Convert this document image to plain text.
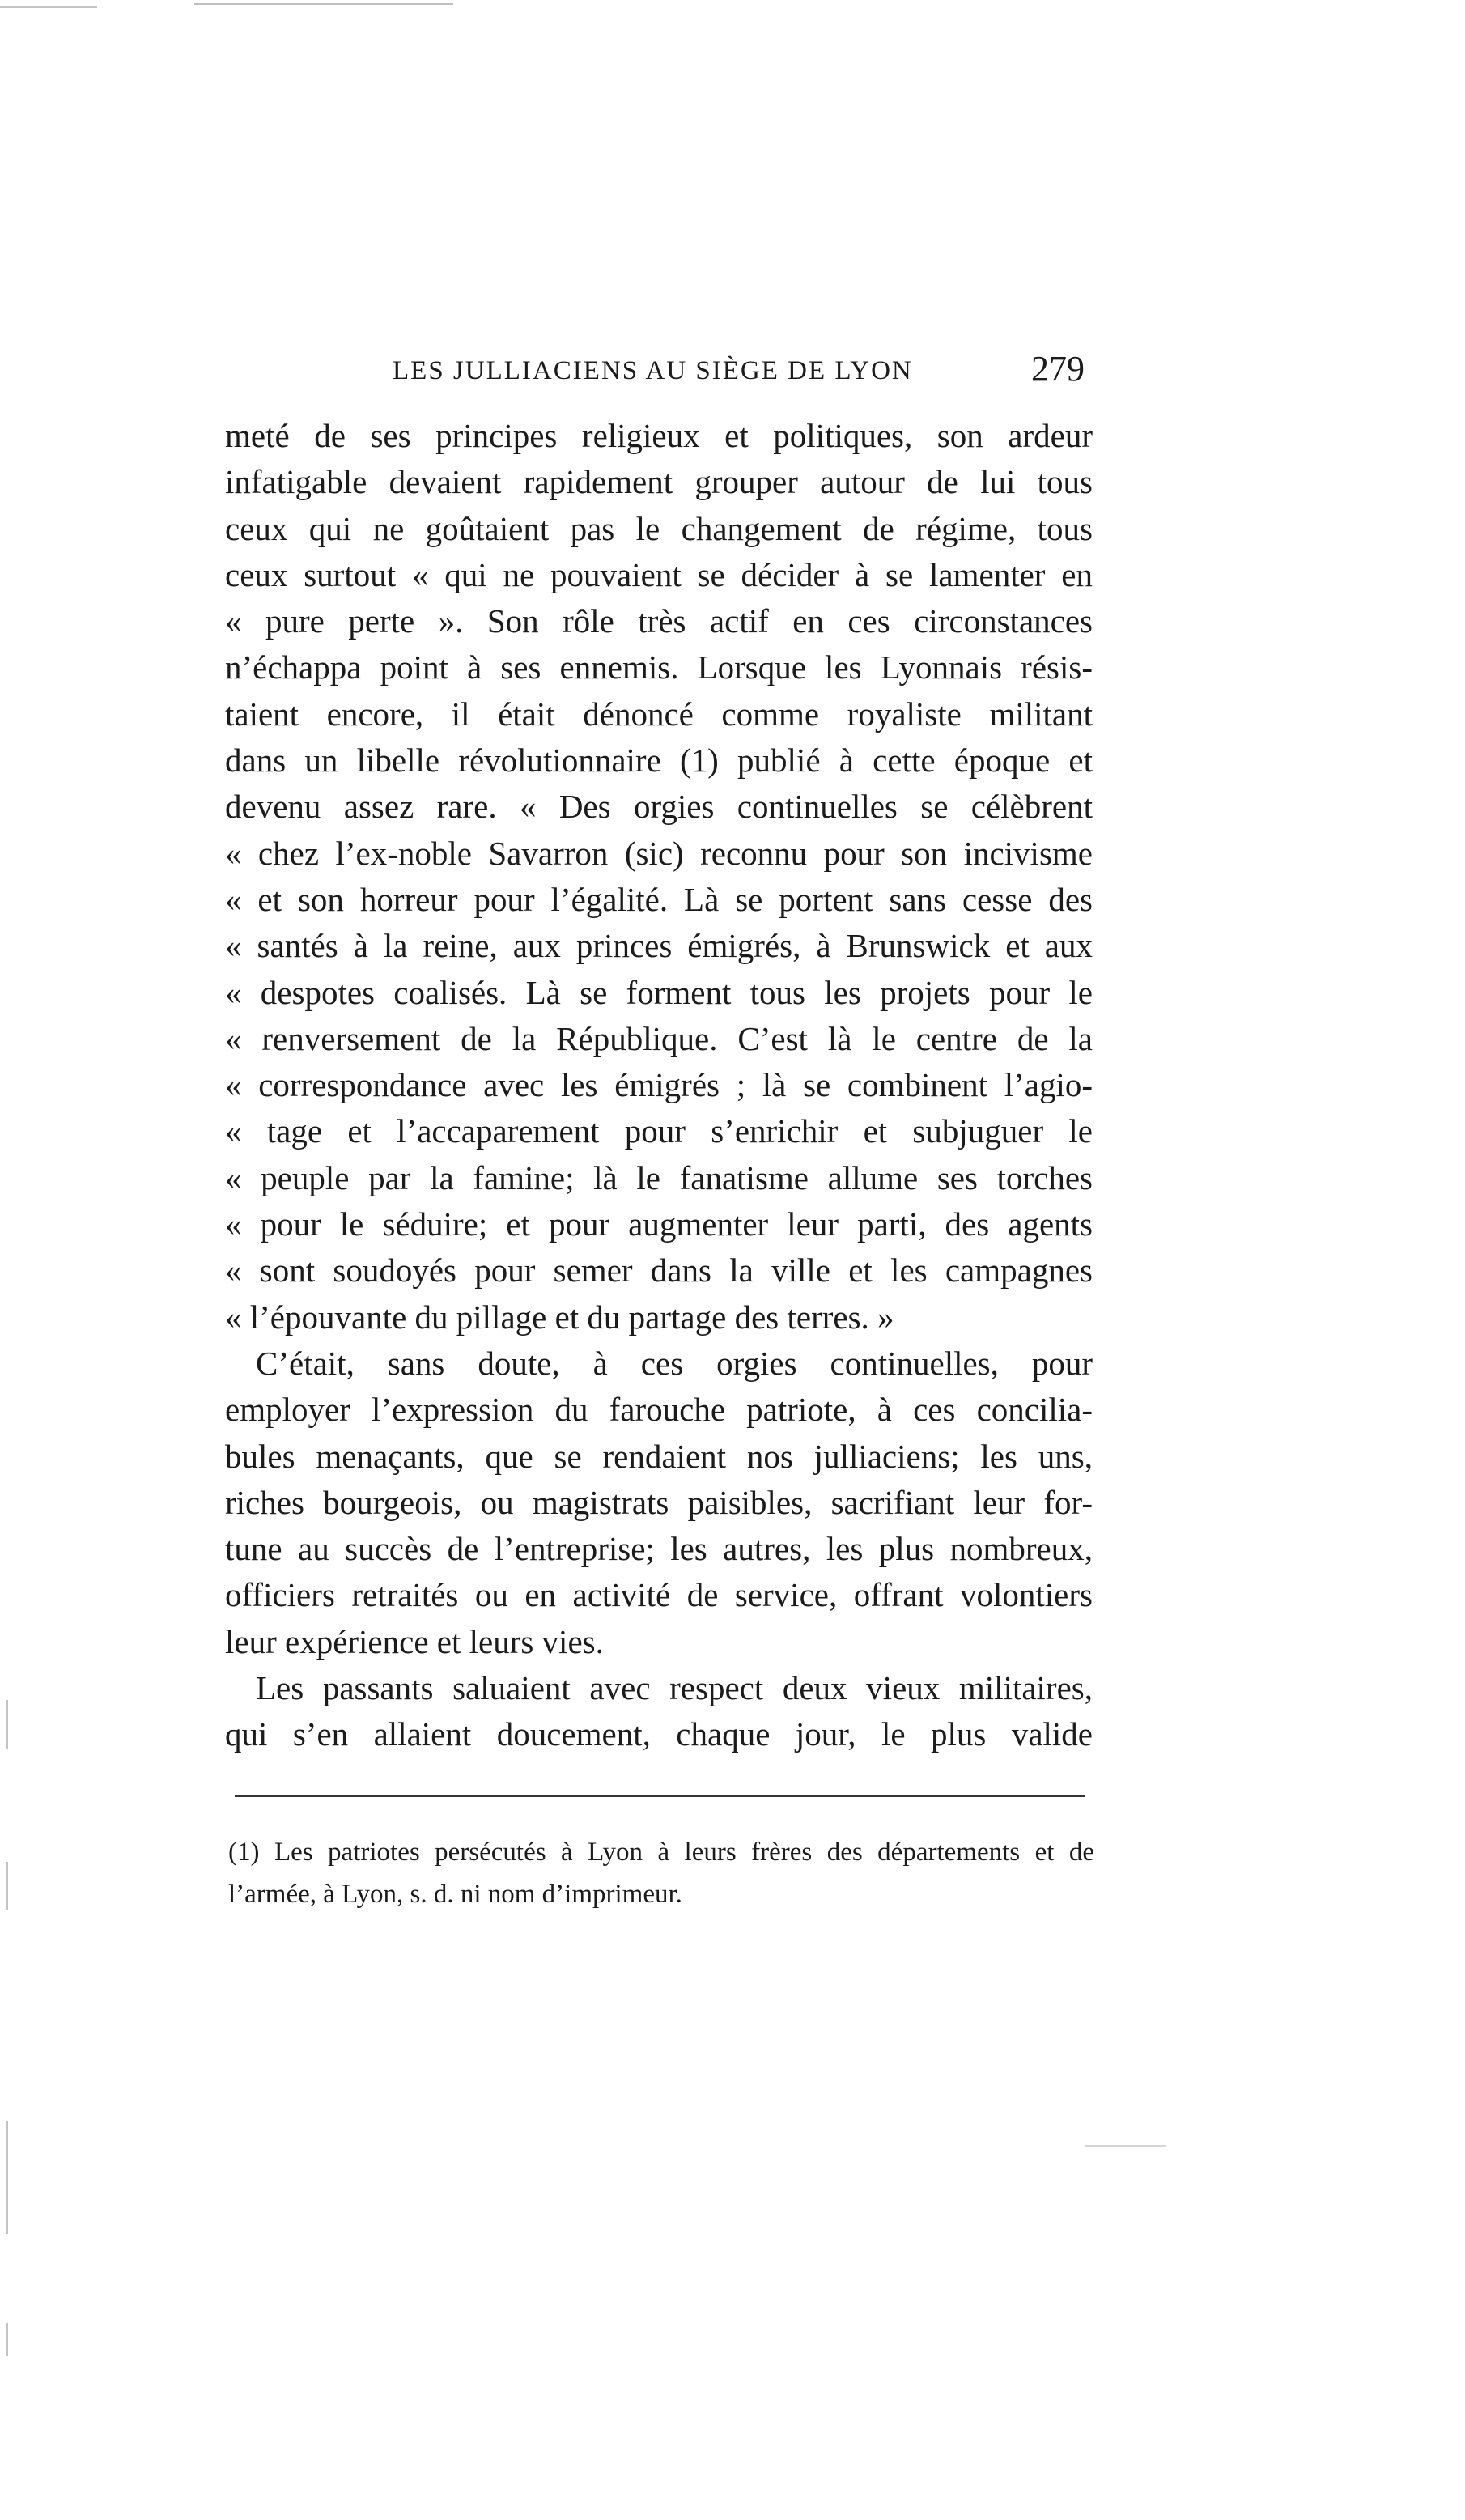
LES JULLIACIENS AU SIÈGE DE LYON	279
meté de ses principes religieux et politiques, son ardeur
infatigable devaient rapidement grouper autour de lui tous
ceux qui ne goûtaient pas le changement de régime, tous
ceux surtout « qui ne pouvaient se décider à se lamenter en
« pure perte ». Son rôle très actif en ces circonstances
n’échappa point à ses ennemis. Lorsque les Lyonnais résis-
taient encore, il était dénoncé comme royaliste militant
dans un libelle révolutionnaire (1) publié à cette époque et
devenu assez rare. « Des orgies continuelles se célèbrent
« chez l’ex-noble Savarron (sic) reconnu pour son incivisme
« et son horreur pour l’égalité. Là se portent sans cesse des
« santés à la reine, aux princes émigrés, à Brunswick et aux
« despotes coalisés. Là se forment tous les projets pour le
« renversement de la République. C’est là le centre de la
« correspondance avec les émigrés ; là se combinent l’agio-
« tage et l’accaparement pour s’enrichir et subjuguer le
« peuple par la famine; là le fanatisme allume ses torches
« pour le séduire; et pour augmenter leur parti, des agents
« sont soudoyés pour semer dans la ville et les campagnes
« l’épouvante du pillage et du partage des terres. »
C’était, sans doute, à ces orgies continuelles, pour
employer l’expression du farouche patriote, à ces concilia-
bules menaçants, que se rendaient nos julliaciens; les uns,
riches bourgeois, ou magistrats paisibles, sacrifiant leur for-
tune au succès de l’entreprise; les autres, les plus nombreux,
officiers retraités ou en activité de service, offrant volontiers
leur expérience et leurs vies.
Les passants saluaient avec respect deux vieux militaires,
qui s’en allaient doucement, chaque jour, le plus valide
(1) Les patriotes persécutés à Lyon à leurs frères des départements et de
l’armée, à Lyon, s. d. ni nom d’imprimeur.
